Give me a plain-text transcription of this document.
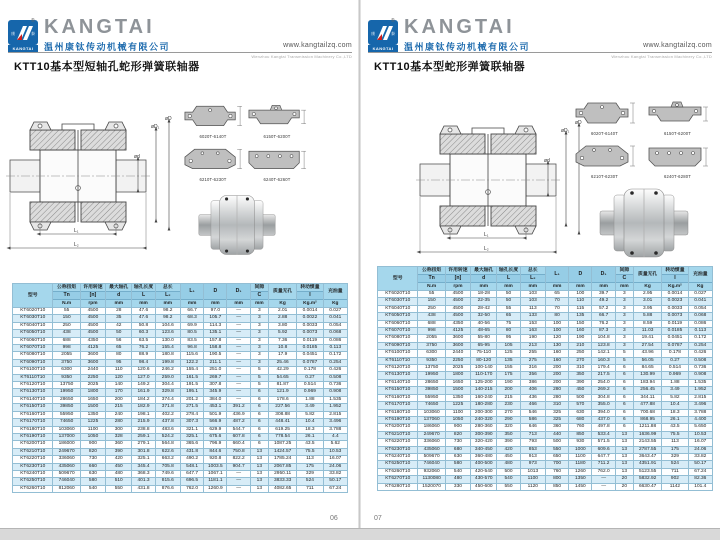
康	泰
KANGTAI
® KANGTAI
温州康钛传动机械有限公司	www.kangtailzq.com
Wenzhou Kangtai Transmission Machinery Co.,LTD
KTT10基本型短轴孔蛇形弹簧联轴器
ød
øD₁
øD
L₁
L₂
6020T-6140T	6150T-6200T
6210T-6230T	6240T-6260T
型号

公称扭矩
Tn
N.m

许用转速
[n]
rpm

最大轴孔
d
mm

轴孔长度
L
mm

总长
L₂
mm

L₁
mm

D
mm

D₁
mm

间隙
C
mm

质量无孔
Kg

转动惯量
I
Kg.m²

充油量
Kg

KT6020T10	55	4500	28	47.6	98.2	66.7	97.0	—	3	2.01	0.0014	0.027
KT6030T10	150	4500	35	47.6	98.2	68.3	105.7	—	3	2.88	0.0022	0.041
KT6040T10	250	4500	42	50.8	104.6	69.9	114.3	—	3	3.80	0.0033	0.054
KT6050T10	438	4500	50	60.3	123.6	80.5	135.1	—	3	5.92	0.0073	0.068
KT6060T10	688	4350	56	63.5	130.0	83.5	157.8	—	3	7.36	0.0119	0.086
KT6070T10	998	4125	65	76.2	155.4	96.8	158.8	—	3	10.8	0.0185	0.113
KT6080T10	2055	3600	80	88.9	180.8	115.6	190.5	—	3	17.9	0.0451	0.172
KT6090T10	3750	3600	95	98.4	199.8	122.2	211.1	—	3	25.46	0.0787	0.254
KT6100T10	6300	2440	110	120.6	246.2	155.4	251.0	—	5	42.29	0.178	0.426
KT6110T10	9350	2250	120	127.0	259.0	161.5	269.7	—	5	54.65	0.27	0.508
KT6120T10	13750	2025	140	149.2	304.4	191.5	307.8	—	5	81.87	0.514	0.736
KT6130T10	19950	1800	170	161.9	329.8	195.1	345.9	—	6	121.9	0.969	0.908
KT6140T10	28650	1650	200	184.2	374.4	201.2	384.0	—	6	178.6	1.88	1.535
KT6150T10	39850	1500	215	182.9	371.8	271.5	453.1	391.2	6	227.56	3.49	1.952
KT6160T10	55950	1350	240	198.1	402.2	278.4	501.9	436.9	6	308.88	5.82	2.815
KT6170T10	74650	1225	280	215.9	437.8	307.3	566.9	487.2	6	448.41	10.4	3.496
KT6180T10	103060	1100	300	238.8	483.6	321.1	629.9	544.7	6	619.25	18.3	3.788
KT6190T10	137000	1050	328	259.1	524.2	325.1	675.6	607.8	6	778.54	26.1	4.4
KT6200T10	186000	900	360	279.1	564.8	365.6	796.9	660.4	6	1087.25	43.5	5.62
KT6210T10	249670	820	390	301.8	622.6	431.8	844.6	750.8	13	1424.57	75.5	10.53
KT6220T10	336060	730	420	325.1	663.2	490.2	920.8	822.2	13	1785.24	113	16.07
KT6230T10	435060	660	450	345.4	705.8	548.1	1003.5	904.7	13	2067.85	175	24.06
KT6240T10	509670	630	480	368.3	749.6	647.7	1067.1	—	13	2950.11	329	33.82
KT6250T10	746040	580	510	401.3	815.6	696.5	1181.1	—	13	3833.33	524	50.17
KT6260T10	812060	540	550	431.8	876.6	762.0	1260.9	—	13	4082.65	711	67.24
06
康	泰
KANGTAI
® KANGTAI
温州康钛传动机械有限公司	www.kangtailzq.com
Wenzhou Kangtai Transmission Machinery Co.,LTD
KTT10基本型蛇形弹簧联轴器
ød
øD₁
øD
L₁
L₂
6020T-6140T	6150T-6200T
6210T-6230T	6240T-6280T
型号

公称扭矩
Tn
N.m

许用转速
[n]
rpm

最大轴孔
d
mm

轴孔长度
L
mm

总长
L₂
mm

L₁
mm

D
mm

D₁
mm

间隙
C
mm

质量无孔
Kg

转动惯量
I
Kg.m²

充油量
Kg

KT6020T10	55	4500	18-28	50	103	65	100	39.7	3	2.95	0.0014	0.027
KT6030T10	150	4500	22-35	50	103	70	110	49.2	3	3.01	0.0023	0.041
KT6040T10	250	4500	28-42	55	113	70	115	57.2	3	3.95	0.0033	0.054
KT6050T10	438	4500	32-50	65	133	80	135	66.7	3	5.88	0.0073	0.068
KT6060T10	688	4350	40-56	75	153	100	150	76.2	3	8.59	0.0119	0.086
KT6070T10	998	4125	48-65	80	163	100	160	87.3	3	11.03	0.0185	0.113
KT6080T10	2055	3600	55-80	95	190	120	190	104.8	3	19.41	0.0451	0.172
KT6090T10	3750	3600	65-95	105	213	130	210	123.8	3	27.54	0.0787	0.254
KT6100T10	6300	2440	75-110	125	255	160	250	142.1	5	43.96	0.178	0.426
KT6110T10	9350	2250	80-120	135	275	160	270	160.3	5	56.05	0.27	0.508
KT6120T10	13750	2025	100-140	155	316	200	310	179.4	6	84.65	0.514	0.736
KT6130T10	19950	1800	110-170	175	356	200	350	217.5	6	130.99	0.969	0.908
KT6140T10	28650	1650	125-200	190	386	200	390	254.0	6	183.94	1.88	1.535
KT6150T10	39850	1500	140-215	200	406	280	450	269.2	6	256.45	3.49	1.952
KT6160T10	55950	1350	160-240	215	436	280	500	304.8	6	344.11	5.82	2.815
KT6170T10	74650	1225	180-280	230	466	310	570	355.0	6	477.88	10.4	3.496
KT6180T10	103060	1100	200-300	270	546	325	630	394.0	6	700.68	18.3	3.788
KT6190T10	137060	1050	240-320	290	586	325	680	437.0	6	868.95	26.1	4.400
KT6200T10	186060	900	280-360	320	646	360	760	497.8	6	1211.88	43.5	5.650
KT6210T10	249670	820	300-390	350	713	440	850	533.4	13	1636.99	75.5	10.53
KT6220T10	336060	730	320-420	390	793	500	930	571.5	13	2143.55	113	16.07
KT6230T10	435060	680	340-450	420	853	550	1000	609.6	13	2787.55	175	24.06
KT6240T10	509670	630	360-480	450	913	650	1100	647.7	13	3643.47	329	33.82
KT6250T10	746040	580	400-500	480	973	700	1180	711.2	13	4351.91	524	50.17
KT6260T10	932060	540	420-540	500	1013	760	1260	762.0	13	5123.55	711	67.24
KT6270T10	1130080	480	430-570	540	1100	800	1350	—	20	5832.92	902	82.36
KT6280T10	1520070	330	450-600	550	1120	850	1450	—	20	6630.47	1142	101.4
07
